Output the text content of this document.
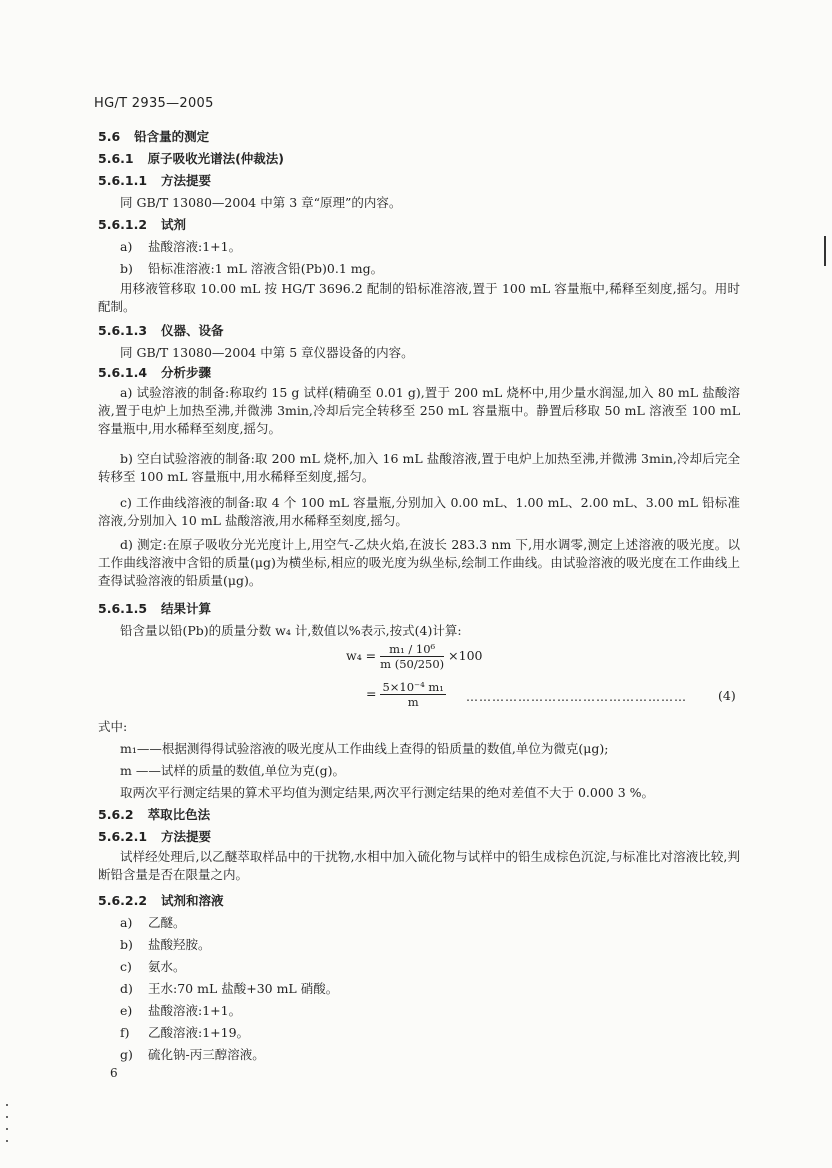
HG/T 2935—2005
5.6 铅含量的测定
5.6.1 原子吸收光谱法(仲裁法)
5.6.1.1 方法提要
同 GB/T 13080—2004 中第 3 章“原理”的内容。
5.6.1.2 试剂
a) 盐酸溶液:1+1。
b) 铅标准溶液:1 mL 溶液含铅(Pb)0.1 mg。
用移液管移取 10.00 mL 按 HG/T 3696.2 配制的铅标准溶液,置于 100 mL 容量瓶中,稀释至刻度,摇匀。用时配制。
5.6.1.3 仪器、设备
同 GB/T 13080—2004 中第 5 章仪器设备的内容。
5.6.1.4 分析步骤
a) 试验溶液的制备:称取约 15 g 试样(精确至 0.01 g),置于 200 mL 烧杯中,用少量水润湿,加入 80 mL 盐酸溶液,置于电炉上加热至沸,并微沸 3min,冷却后完全转移至 250 mL 容量瓶中。静置后移取 50 mL 溶液至 100 mL 容量瓶中,用水稀释至刻度,摇匀。
b) 空白试验溶液的制备:取 200 mL 烧杯,加入 16 mL 盐酸溶液,置于电炉上加热至沸,并微沸 3min,冷却后完全转移至 100 mL 容量瓶中,用水稀释至刻度,摇匀。
c) 工作曲线溶液的制备:取 4 个 100 mL 容量瓶,分别加入 0.00 mL、1.00 mL、2.00 mL、3.00 mL 铅标准溶液,分别加入 10 mL 盐酸溶液,用水稀释至刻度,摇匀。
d) 测定:在原子吸收分光光度计上,用空气-乙炔火焰,在波长 283.3 nm 下,用水调零,测定上述溶液的吸光度。以工作曲线溶液中含铅的质量(μg)为横坐标,相应的吸光度为纵坐标,绘制工作曲线。由试验溶液的吸光度在工作曲线上查得试验溶液的铅质量(μg)。
5.6.1.5 结果计算
铅含量以铅(Pb)的质量分数 w₄ 计,数值以%表示,按式(4)计算:
$w_4 = \frac{\text{m₁ / 10⁶}}{m (50/250)} \times 100$
= $\frac{\text{5×10⁻⁴ m₁}}{m}$ …………………………………………… (4)
式中:
m₁——根据测得得试验溶液的吸光度从工作曲线上查得的铅质量的数值,单位为微克(μg);
m ——试样的质量的数值,单位为克(g)。
取两次平行测定结果的算术平均值为测定结果,两次平行测定结果的绝对差值不大于 0.000 3 %。
5.6.2 萃取比色法
5.6.2.1 方法提要
试样经处理后,以乙醚萃取样品中的干扰物,水相中加入硫化物与试样中的铅生成棕色沉淀,与标准比对溶液比较,判断铅含量是否在限量之内。
5.6.2.2 试剂和溶液
a) 乙醚。
b) 盐酸羟胺。
c) 氨水。
d) 王水:70 mL 盐酸+30 mL 硝酸。
e) 盐酸溶液:1+1。
f) 乙酸溶液:1+19。
g) 硫化钠-丙三醇溶液。
6
